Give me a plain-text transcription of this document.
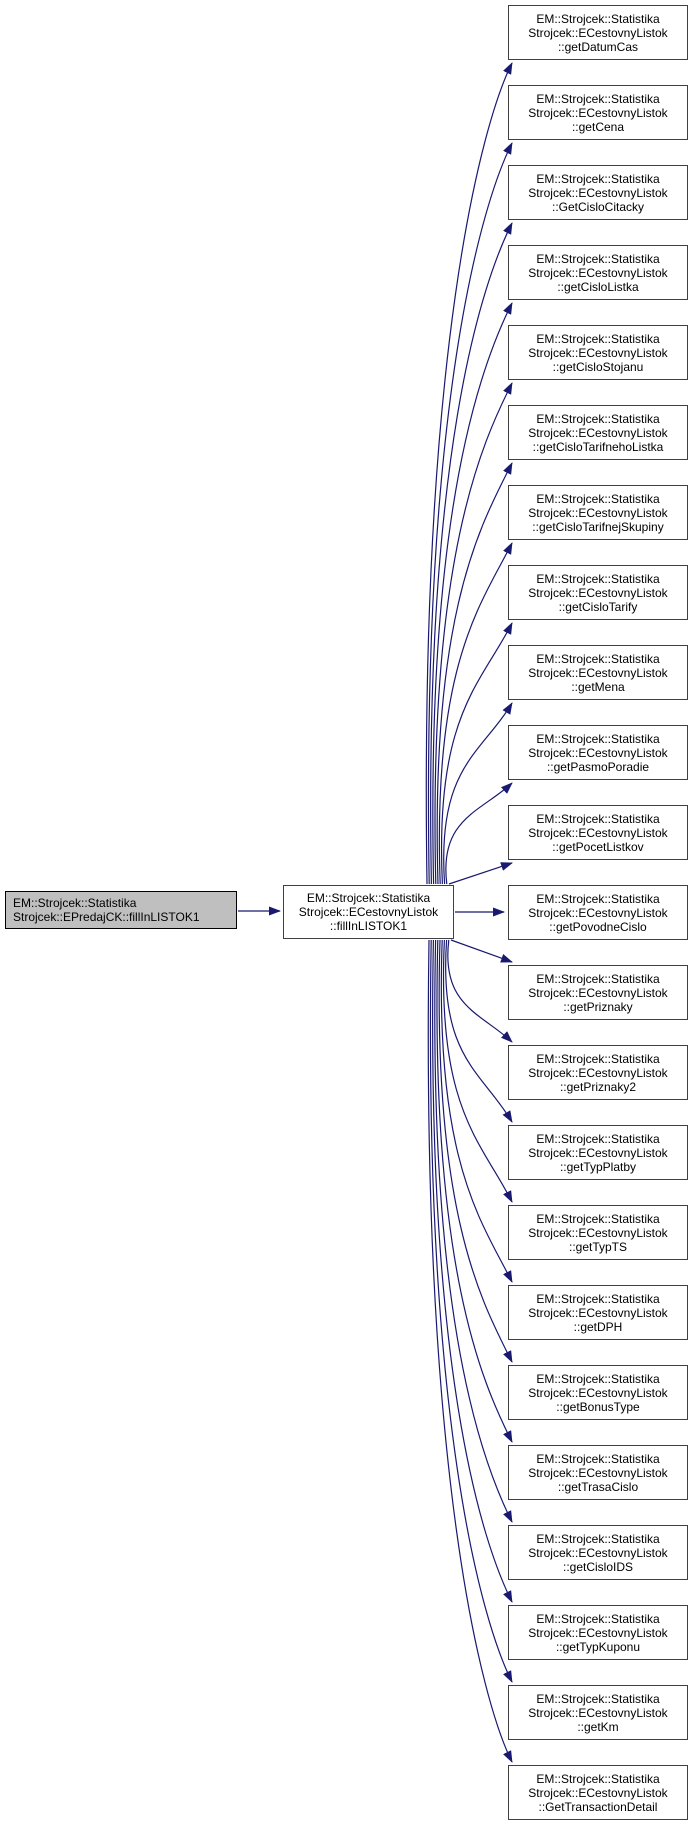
EM::Strojcek::Statistika
Strojcek::EPredajCK::fillInLISTOK1
EM::Strojcek::Statistika
Strojcek::ECestovnyListok
::fillInLISTOK1
EM::Strojcek::Statistika
Strojcek::ECestovnyListok
::getDatumCas
EM::Strojcek::Statistika
Strojcek::ECestovnyListok
::getCena
EM::Strojcek::Statistika
Strojcek::ECestovnyListok
::GetCisloCitacky
EM::Strojcek::Statistika
Strojcek::ECestovnyListok
::getCisloListka
EM::Strojcek::Statistika
Strojcek::ECestovnyListok
::getCisloStojanu
EM::Strojcek::Statistika
Strojcek::ECestovnyListok
::getCisloTarifnehoListka
EM::Strojcek::Statistika
Strojcek::ECestovnyListok
::getCisloTarifnejSkupiny
EM::Strojcek::Statistika
Strojcek::ECestovnyListok
::getCisloTarify
EM::Strojcek::Statistika
Strojcek::ECestovnyListok
::getMena
EM::Strojcek::Statistika
Strojcek::ECestovnyListok
::getPasmoPoradie
EM::Strojcek::Statistika
Strojcek::ECestovnyListok
::getPocetListkov
EM::Strojcek::Statistika
Strojcek::ECestovnyListok
::getPovodneCislo
EM::Strojcek::Statistika
Strojcek::ECestovnyListok
::getPriznaky
EM::Strojcek::Statistika
Strojcek::ECestovnyListok
::getPriznaky2
EM::Strojcek::Statistika
Strojcek::ECestovnyListok
::getTypPlatby
EM::Strojcek::Statistika
Strojcek::ECestovnyListok
::getTypTS
EM::Strojcek::Statistika
Strojcek::ECestovnyListok
::getDPH
EM::Strojcek::Statistika
Strojcek::ECestovnyListok
::getBonusType
EM::Strojcek::Statistika
Strojcek::ECestovnyListok
::getTrasaCislo
EM::Strojcek::Statistika
Strojcek::ECestovnyListok
::getCisloIDS
EM::Strojcek::Statistika
Strojcek::ECestovnyListok
::getTypKuponu
EM::Strojcek::Statistika
Strojcek::ECestovnyListok
::getKm
EM::Strojcek::Statistika
Strojcek::ECestovnyListok
::GetTransactionDetail
